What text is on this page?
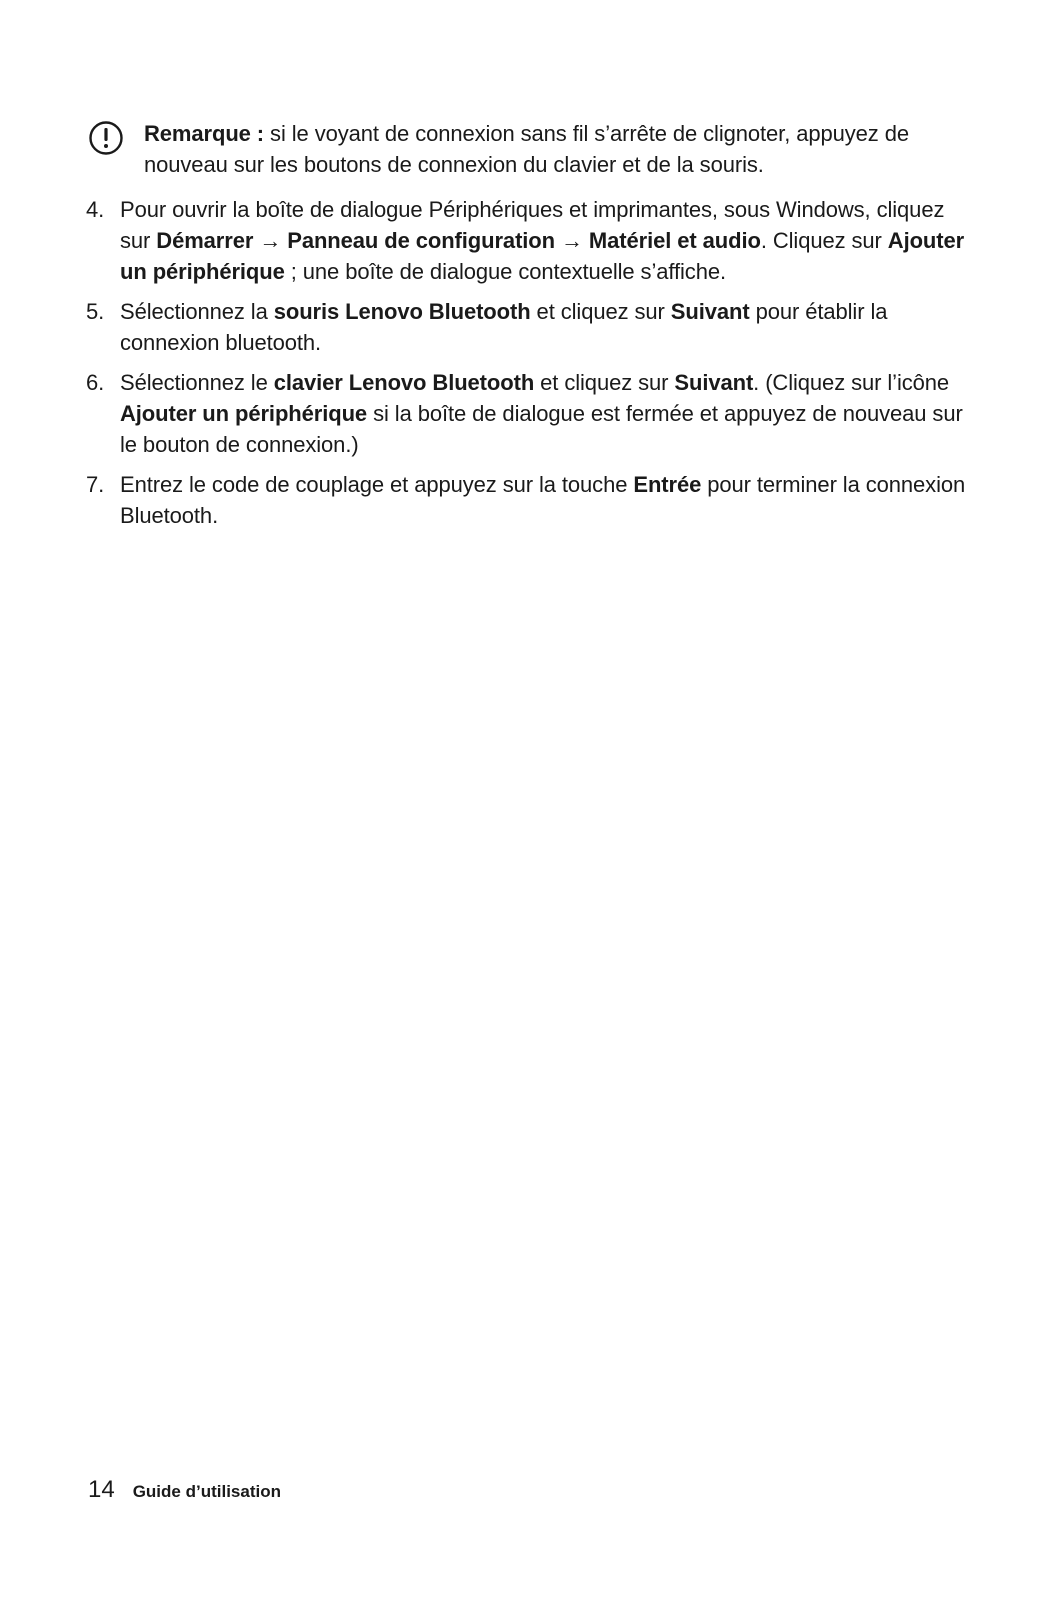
Remarque : si le voyant de connexion sans fil s’arrête de clignoter, appuyez de nouveau sur les boutons de connexion du clavier et de la souris.
4. Pour ouvrir la boîte de dialogue Périphériques et imprimantes, sous Windows, cliquez sur Démarrer → Panneau de configuration → Matériel et audio. Cliquez sur Ajouter un périphérique ; une boîte de dialogue contextuelle s’affiche.
5. Sélectionnez la souris Lenovo Bluetooth et cliquez sur Suivant pour établir la connexion bluetooth.
6. Sélectionnez le clavier Lenovo Bluetooth et cliquez sur Suivant. (Cliquez sur l’icône Ajouter un périphérique si la boîte de dialogue est fermée et appuyez de nouveau sur le bouton de connexion.)
7. Entrez le code de couplage et appuyez sur la touche Entrée pour terminer la connexion Bluetooth.
14 Guide d’utilisation
